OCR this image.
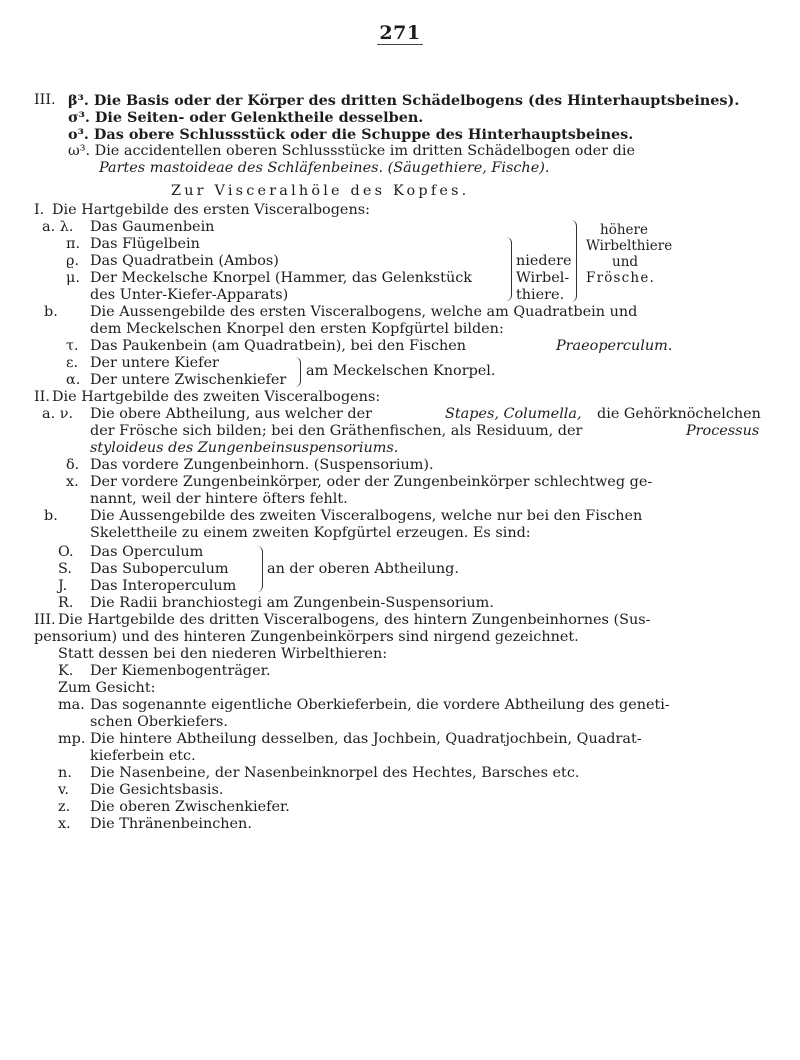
271
III. β³. Die Basis oder der Körper des dritten Schädelbogens (des Hinterhauptsbeines).
σ³. Die Seiten- oder Gelenktheile desselben.
o³. Das obere Schlussstück oder die Schuppe des Hinterhauptsbeines.
ω³. Die accidentellen oberen Schlussstücke im dritten Schädelbogen oder die
Partes mastoideae des Schläfenbeines. (Säugethiere, Fische).
Zur Visceralhöle des Kopfes.
I. Die Hartgebilde des ersten Visceralbogens:
a. λ. Das Gaumenbein
π. Das Flügelbein
ϱ. Das Quadratbein (Ambos)
μ. Der Meckelsche Knorpel (Hammer, das Gelenkstück
des Unter-Kiefer-Apparats)
b. Die Aussengebilde des ersten Visceralbogens, welche am Quadratbein und
dem Meckelschen Knorpel den ersten Kopfgürtel bilden:
τ. Das Paukenbein (am Quadratbein), bei den Fischen
ε. Der untere Kiefer
α. Der untere Zwischenkiefer
II. Die Hartgebilde des zweiten Visceralbogens:
a. ν. Die obere Abtheilung, aus welcher der
der Frösche sich bilden; bei den Gräthenfischen, als Residuum, der
styloideus des Zungenbeinsuspensoriums.
δ. Das vordere Zungenbeinhorn. (Suspensorium).
x. Der vordere Zungenbeinkörper, oder der Zungenbeinkörper schlechtweg ge-
nannt, weil der hintere öfters fehlt.
b. Die Aussengebilde des zweiten Visceralbogens, welche nur bei den Fischen
Skelettheile zu einem zweiten Kopfgürtel erzeugen. Es sind:
O. Das Operculum
S. Das Suboperculum
J. Das Interoperculum
R. Die Radii branchiostegi am Zungenbein-Suspensorium.
III. Die Hartgebilde des dritten Visceralbogens, des hintern Zungenbeinhornes (Sus-
pensorium) und des hinteren Zungenbeinkörpers sind nirgend gezeichnet.
Statt dessen bei den niederen Wirbelthieren:
K. Der Kiemenbogenträger.
Zum Gesicht:
ma. Das sogenannte eigentliche Oberkieferbein, die vordere Abtheilung des geneti-
schen Oberkiefers.
mp. Die hintere Abtheilung desselben, das Jochbein, Quadratjochbein, Quadrat-
kieferbein etc.
n. Die Nasenbeine, der Nasenbeinknorpel des Hechtes, Barsches etc.
v. Die Gesichtsbasis.
z. Die oberen Zwischenkiefer.
x. Die Thränenbeinchen.
Praeoperculum.
Stapes, Columella, die Gehörknöchelchen
Processus
am Meckelschen Knorpel.
an der oberen Abtheilung.
niedere
Wirbel-
thiere.
höhere
Wirbelthiere
und
Frösche.
